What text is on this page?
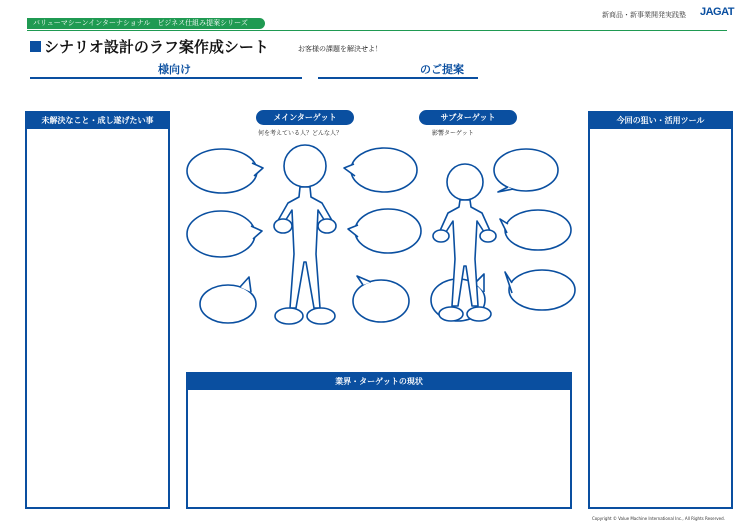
バリューマシーンインターナショナル　ビジネス仕組み提案シリーズ
新商品・新事業開発実践塾 JAGAT
シナリオ設計のラフ案作成シート	お客様の課題を解決せよ！
様向け	のご提案
未解決なこと・成し遂げたい事	今回の狙い・活用ツール
業界・ターゲットの現状
メインターゲット
何を考えている人？どんな人？
サブターゲット
影響ターゲット
Copyright © Value Machine International Inc., All Rights Reserved.
